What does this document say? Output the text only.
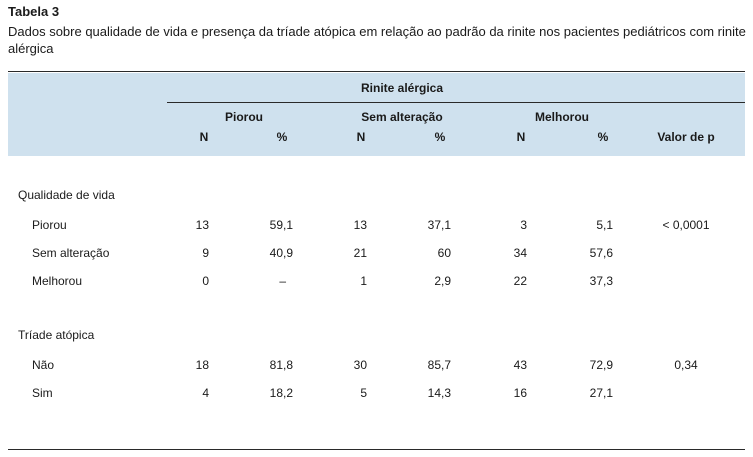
Tabela 3
Dados sobre qualidade de vida e presença da tríade atópica em relação ao padrão da rinite nos pacientes pediátricos com rinite alérgica
Rinite alérgica
Piorou	Sem alteração	Melhorou
N	%	N	%	N	%	Valor de p
Qualidade de vida
Piorou	13	59,1	13	37,1	3	5,1	< 0,0001
Sem alteração	9	40,9	21	60	34	57,6
Melhorou	0	–	1	2,9	22	37,3
Tríade atópica
Não	18	81,8	30	85,7	43	72,9	0,34
Sim	4	18,2	5	14,3	16	27,1
